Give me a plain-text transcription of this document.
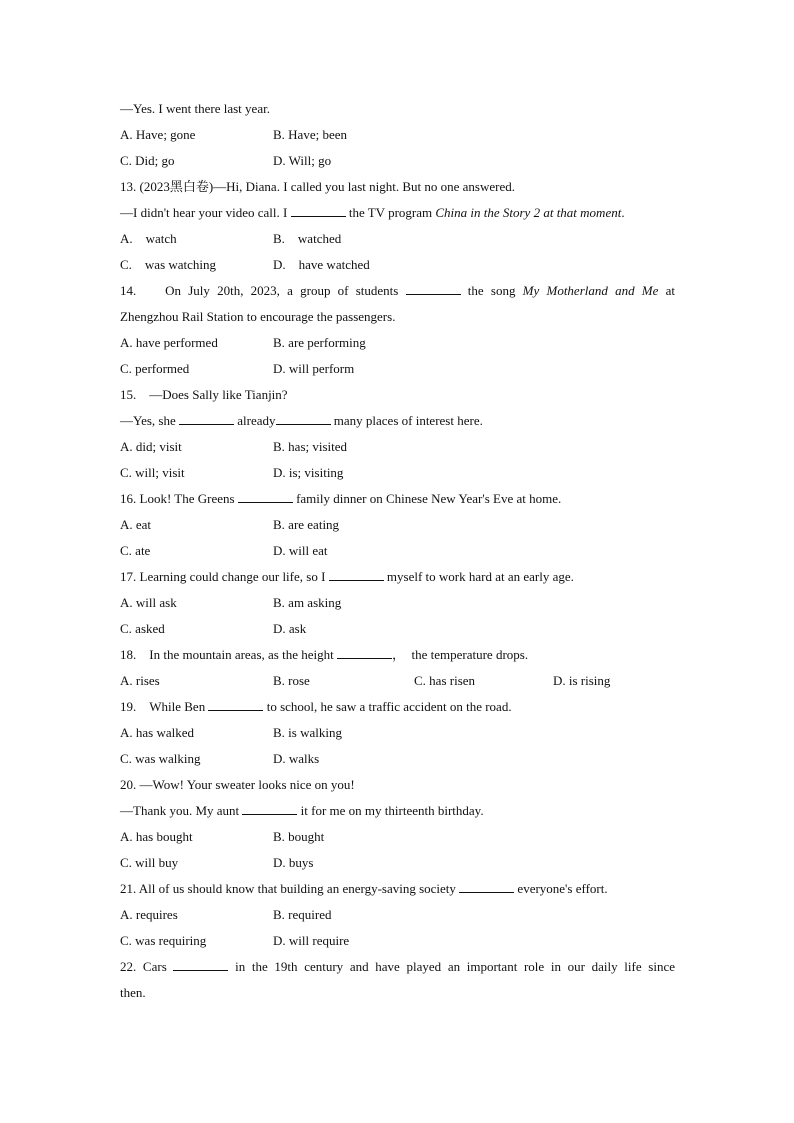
—Yes. I went there last year.
A. Have; gone	B. Have; been
C. Did; go	D. Will; go
13. (2023黑白卷)—Hi, Diana. I called you last night. But no one answered.
—I didn't hear your video call. I	the TV program China in the Story 2 at that moment.
A.    watch	B.    watched
C.    was watching	D.    have watched
14.    On July 20th, 2023, a group of students	the song My Motherland and Me at
Zhengzhou Rail Station to encourage the passengers.
A. have performed	B. are performing
C. performed	D. will perform
15.    —Does Sally like Tianjin?
—Yes, she	already	many places of interest here.
A. did; visit	B. has; visited
C. will; visit	D. is; visiting
16. Look! The Greens	family dinner on Chinese New Year's Eve at home.
A. eat	B. are eating
C. ate	D. will eat
17. Learning could change our life, so I	myself to work hard at an early age.
A. will ask	B. am asking
C. asked	D. ask
18.    In the mountain areas, as the height	，  the temperature drops.
A. rises	B. rose	C. has risen	D. is rising
19.    While Ben	to school, he saw a traffic accident on the road.
A. has walked	B. is walking
C. was walking	D. walks
20. —Wow! Your sweater looks nice on you!
—Thank you. My aunt	it for me on my thirteenth birthday.
A. has bought	B. bought
C. will buy	D. buys
21. All of us should know that building an energy-saving society	everyone's effort.
A. requires	B. required
C. was requiring	D. will require
22. Cars	in the 19th century and have played an important role in our daily life since
then.
